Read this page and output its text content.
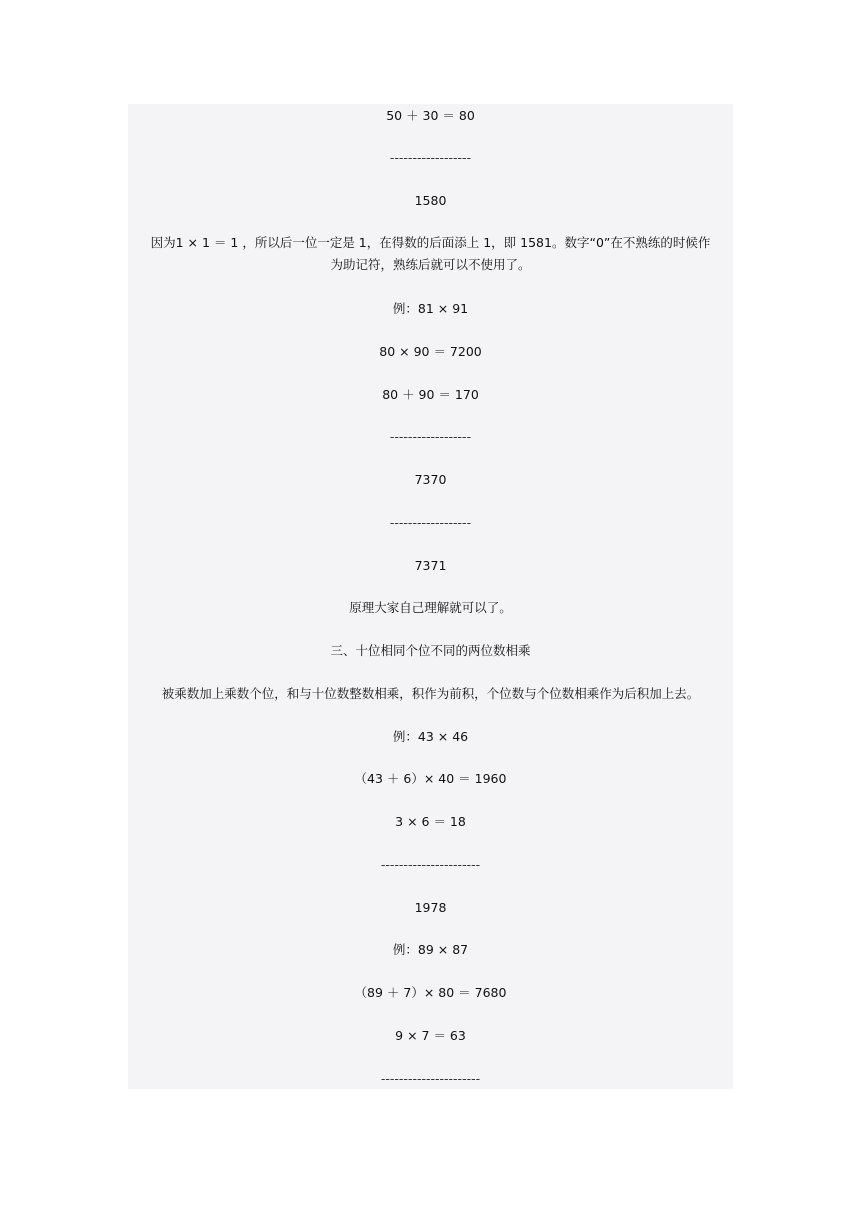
50 ＋ 30 ＝ 80
------------------
1580
因为1 × 1 ＝ 1 ，所以后一位一定是 1，在得数的后面添上 1，即 1581。数字“0”在不熟练的时候作
为助记符，熟练后就可以不使用了。
例：81 × 91
80 × 90 ＝ 7200
80 ＋ 90 ＝ 170
------------------
7370
------------------
7371
原理大家自己理解就可以了。
三、十位相同个位不同的两位数相乘
被乘数加上乘数个位，和与十位数整数相乘，积作为前积，个位数与个位数相乘作为后积加上去。
例：43 × 46
（43 ＋ 6）× 40 ＝ 1960
3 × 6 ＝ 18
----------------------
1978
例：89 × 87
（89 ＋ 7）× 80 ＝ 7680
9 × 7 ＝ 63
----------------------
